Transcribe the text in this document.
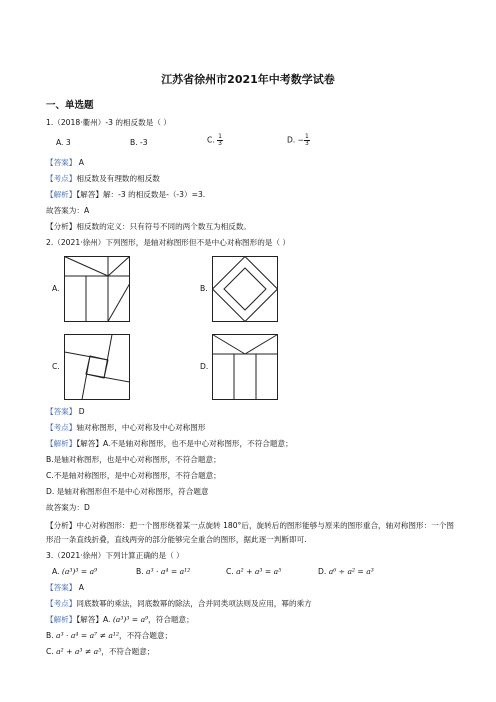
江苏省徐州市2021年中考数学试卷
一、单选题
1.（2018·衢州）-3 的相反数是（ ）
A. 3	B. -3	C. $\frac{1}{3}$	D. − $\frac{1}{3}$
【答案】 A
【考点】相反数及有理数的相反数
【解析】【解答】解：-3 的相反数是-（-3）=3.
故答案为：A
【分析】相反数的定义：只有符号不同的两个数互为相反数。
2.（2021·徐州）下列图形，是轴对称图形但不是中心对称图形的是（ ）
A.	B.
C.	D.
【答案】 D
【考点】轴对称图形，中心对称及中心对称图形
【解析】【解答】A.不是轴对称图形，也不是中心对称图形，不符合题意；
B.是轴对称图形，也是中心对称图形，不符合题意；
C.不是轴对称图形，是中心对称图形，不符合题意；
D. 是轴对称图形但不是中心对称图形，符合题意
故答案为：D
【分析】中心对称图形：把一个图形绕着某一点旋转 180°后，旋转后的图形能够与原来的图形重合，轴对称图形：一个图形沿一条直线折叠，直线两旁的部分能够完全重合的图形，据此逐一判断即可.
3.（2021·徐州）下列计算正确的是（ ）
A. (a³)³ = a⁹	B. a³ · a⁴ = a¹²	C. a² + a³ = a⁵	D. a⁶ ÷ a² = a³
【答案】 A
【考点】同底数幂的乘法，同底数幂的除法，合并同类项法则及应用，幂的乘方
【解析】【解答】A. (a³)³ = a⁹，符合题意；
B. a³ · a⁴ = a⁷ ≠ a¹²，不符合题意；
C. a² + a³ ≠ a⁵，不符合题意；
